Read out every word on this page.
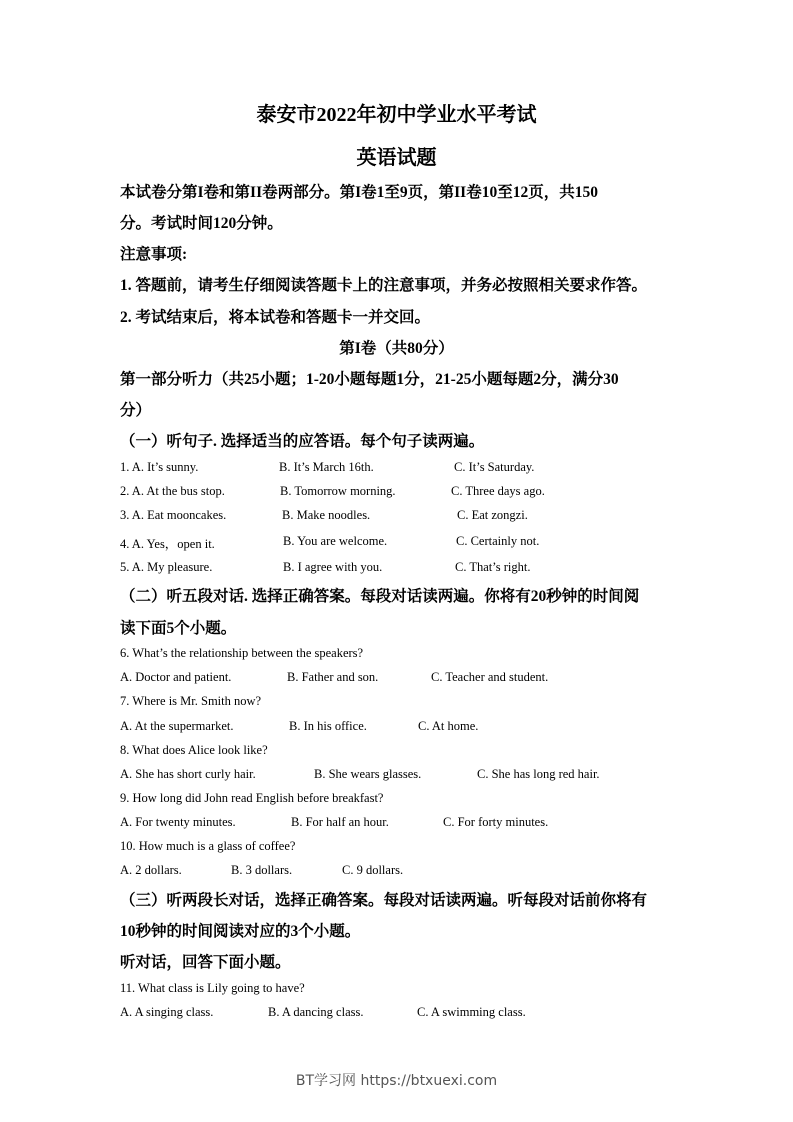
泰安市2022年初中学业水平考试
英语试题
本试卷分第I卷和第II卷两部分。第I卷1至9页，第II卷10至12页，共150
分。考试时间120分钟。
注意事项:
1. 答题前，请考生仔细阅读答题卡上的注意事项，并务必按照相关要求作答。
2. 考试结束后，将本试卷和答题卡一并交回。
第I卷（共80分）
第一部分听力（共25小题；1-20小题每题1分，21-25小题每题2分，满分30
分）
（一）听句子. 选择适当的应答语。每个句子读两遍。
1. A. It’s sunny.	B. It’s March 16th.	C. It’s Saturday.
2. A. At the bus stop.	B. Tomorrow morning.	C. Three days ago.
3. A. Eat mooncakes.	B. Make noodles.	C. Eat zongzi.
4. A. Yes，open it.	B. You are welcome.	C. Certainly not.
5. A. My pleasure.	B. I agree with you.	C. That’s right.
（二）听五段对话. 选择正确答案。每段对话读两遍。你将有20秒钟的时间阅
读下面5个小题。
6. What’s the relationship between the speakers?
A. Doctor and patient.	B. Father and son.	C. Teacher and student.
7. Where is Mr. Smith now?
A. At the supermarket.	B. In his office.	C. At home.
8. What does Alice look like?
A. She has short curly hair.	B. She wears glasses.	C. She has long red hair.
9. How long did John read English before breakfast?
A. For twenty minutes.	B. For half an hour.	C. For forty minutes.
10. How much is a glass of coffee?
A. 2 dollars.	B. 3 dollars.	C. 9 dollars.
（三）听两段长对话，选择正确答案。每段对话读两遍。听每段对话前你将有
10秒钟的时间阅读对应的3个小题。
听对话，回答下面小题。
11. What class is Lily going to have?
A. A singing class.	B. A dancing class.	C. A swimming class.
BT学习网 https://btxuexi.com
